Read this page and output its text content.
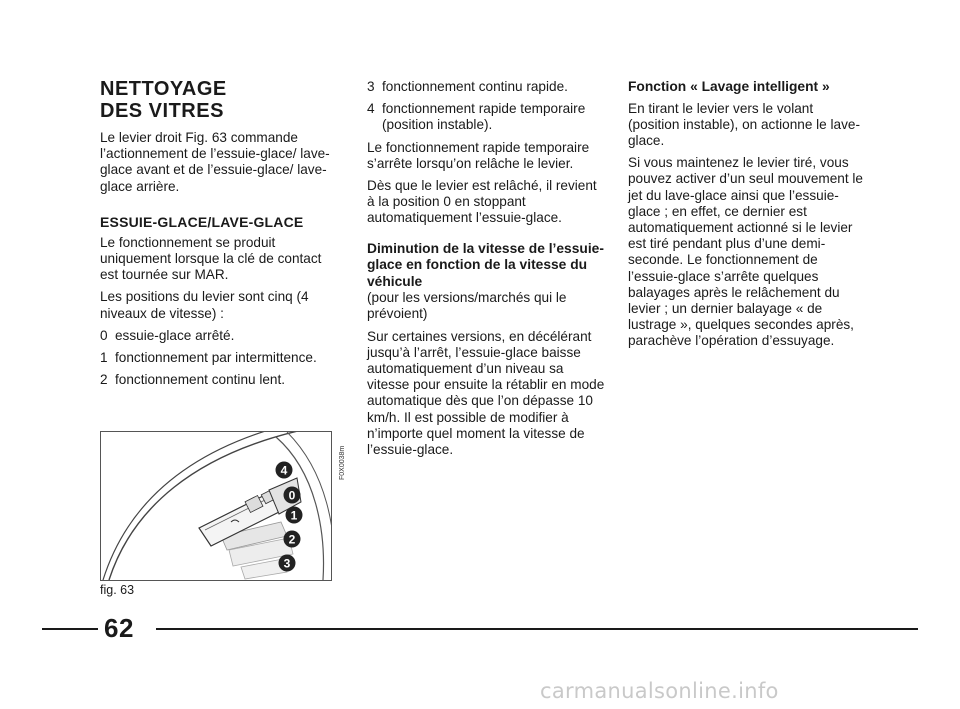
NETTOYAGE
DES VITRES

Le levier droit Fig. 63 commande l’actionnement de l’essuie-glace/ lave-glace avant et de l’essuie-glace/ lave-glace arrière.

ESSUIE-GLACE/LAVE-GLACE

Le fonctionnement se produit uniquement lorsque la clé de contact est tournée sur MAR.

Les positions du levier sont cinq (4 niveaux de vitesse) :

0 essuie-glace arrêté.
1 fonctionnement par intermittence.
2 fonctionnement continu lent.
4
0
1
2
3
F0X0038m
fig. 63
3 fonctionnement continu rapide.
4 fonctionnement rapide temporaire (position instable).

Le fonctionnement rapide temporaire s’arrête lorsqu’on relâche le levier.

Dès que le levier est relâché, il revient à la position 0 en stoppant automatiquement l’essuie-glace.

Diminution de la vitesse de l’essuie-glace en fonction de la vitesse du véhicule

(pour les versions/marchés qui le prévoient)

Sur certaines versions, en décélérant jusqu’à l’arrêt, l’essuie-glace baisse automatiquement d’un niveau sa vitesse pour ensuite la rétablir en mode automatique dès que l’on dépasse 10 km/h. Il est possible de modifier à n’importe quel moment la vitesse de l’essuie-glace.

Fonction « Lavage intelligent »

En tirant le levier vers le volant (position instable), on actionne le lave-glace.

Si vous maintenez le levier tiré, vous pouvez activer d’un seul mouvement le jet du lave-glace ainsi que l’essuie-glace ; en effet, ce dernier est automatiquement actionné si le levier est tiré pendant plus d’une demi-seconde. Le fonctionnement de l’essuie-glace s’arrête quelques balayages après le relâchement du levier ; un dernier balayage « de lustrage », quelques secondes après, parachève l’opération d’essuyage.

62
carmanualsonline.info
